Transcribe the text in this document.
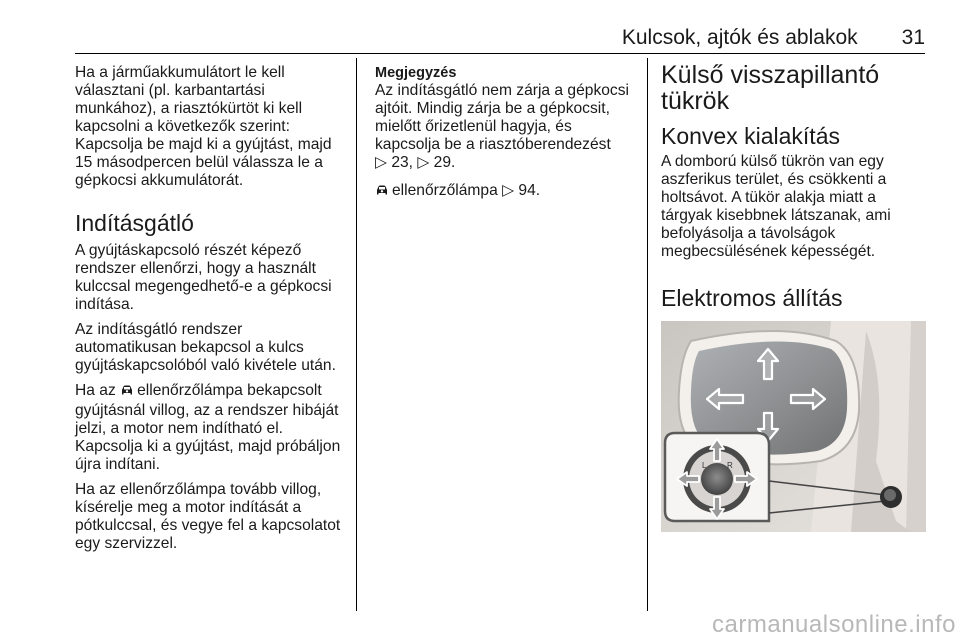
Kulcsok, ajtók és ablakok 31

Ha a járműakkumulátort le kell választani (pl. karbantartási munkához), a riasztókürtöt ki kell kapcsolni a következők szerint: Kapcsolja be majd ki a gyújtást, majd 15 másodpercen belül válassza le a gépkocsi akkumulátorát.

Indításgátló

A gyújtáskapcsoló részét képező rendszer ellenőrzi, hogy a használt kulccsal megengedhető-e a gépkocsi indítása.

Az indításgátló rendszer automatikusan bekapcsol a kulcs gyújtáskapcsolóból való kivétele után.

Ha az ellenőrzőlámpa bekapcsolt gyújtásnál villog, az a rendszer hibáját jelzi, a motor nem indítható el. Kapcsolja ki a gyújtást, majd próbáljon újra indítani.

Ha az ellenőrzőlámpa tovább villog, kísérelje meg a motor indítását a pótkulccsal, és vegye fel a kapcsolatot egy szervizzel.

Megjegyzés

Az indításgátló nem zárja a gépkocsi ajtóit. Mindig zárja be a gépkocsit, mielőtt őrizetlenül hagyja, és kapcsolja be a riasztóberendezést

▷ 23, ▷ 29.

ellenőrzőlámpa ▷ 94.

Külső visszapillantó tükrök
Konvex kialakítás

A domború külső tükrön van egy aszferikus terület, és csökkenti a holtsávot. A tükör alakja miatt a tárgyak kisebbnek látszanak, ami befolyásolja a távolságok megbecsülésének képességét.

Elektromos állítás
L	R
carmanualsonline.info
